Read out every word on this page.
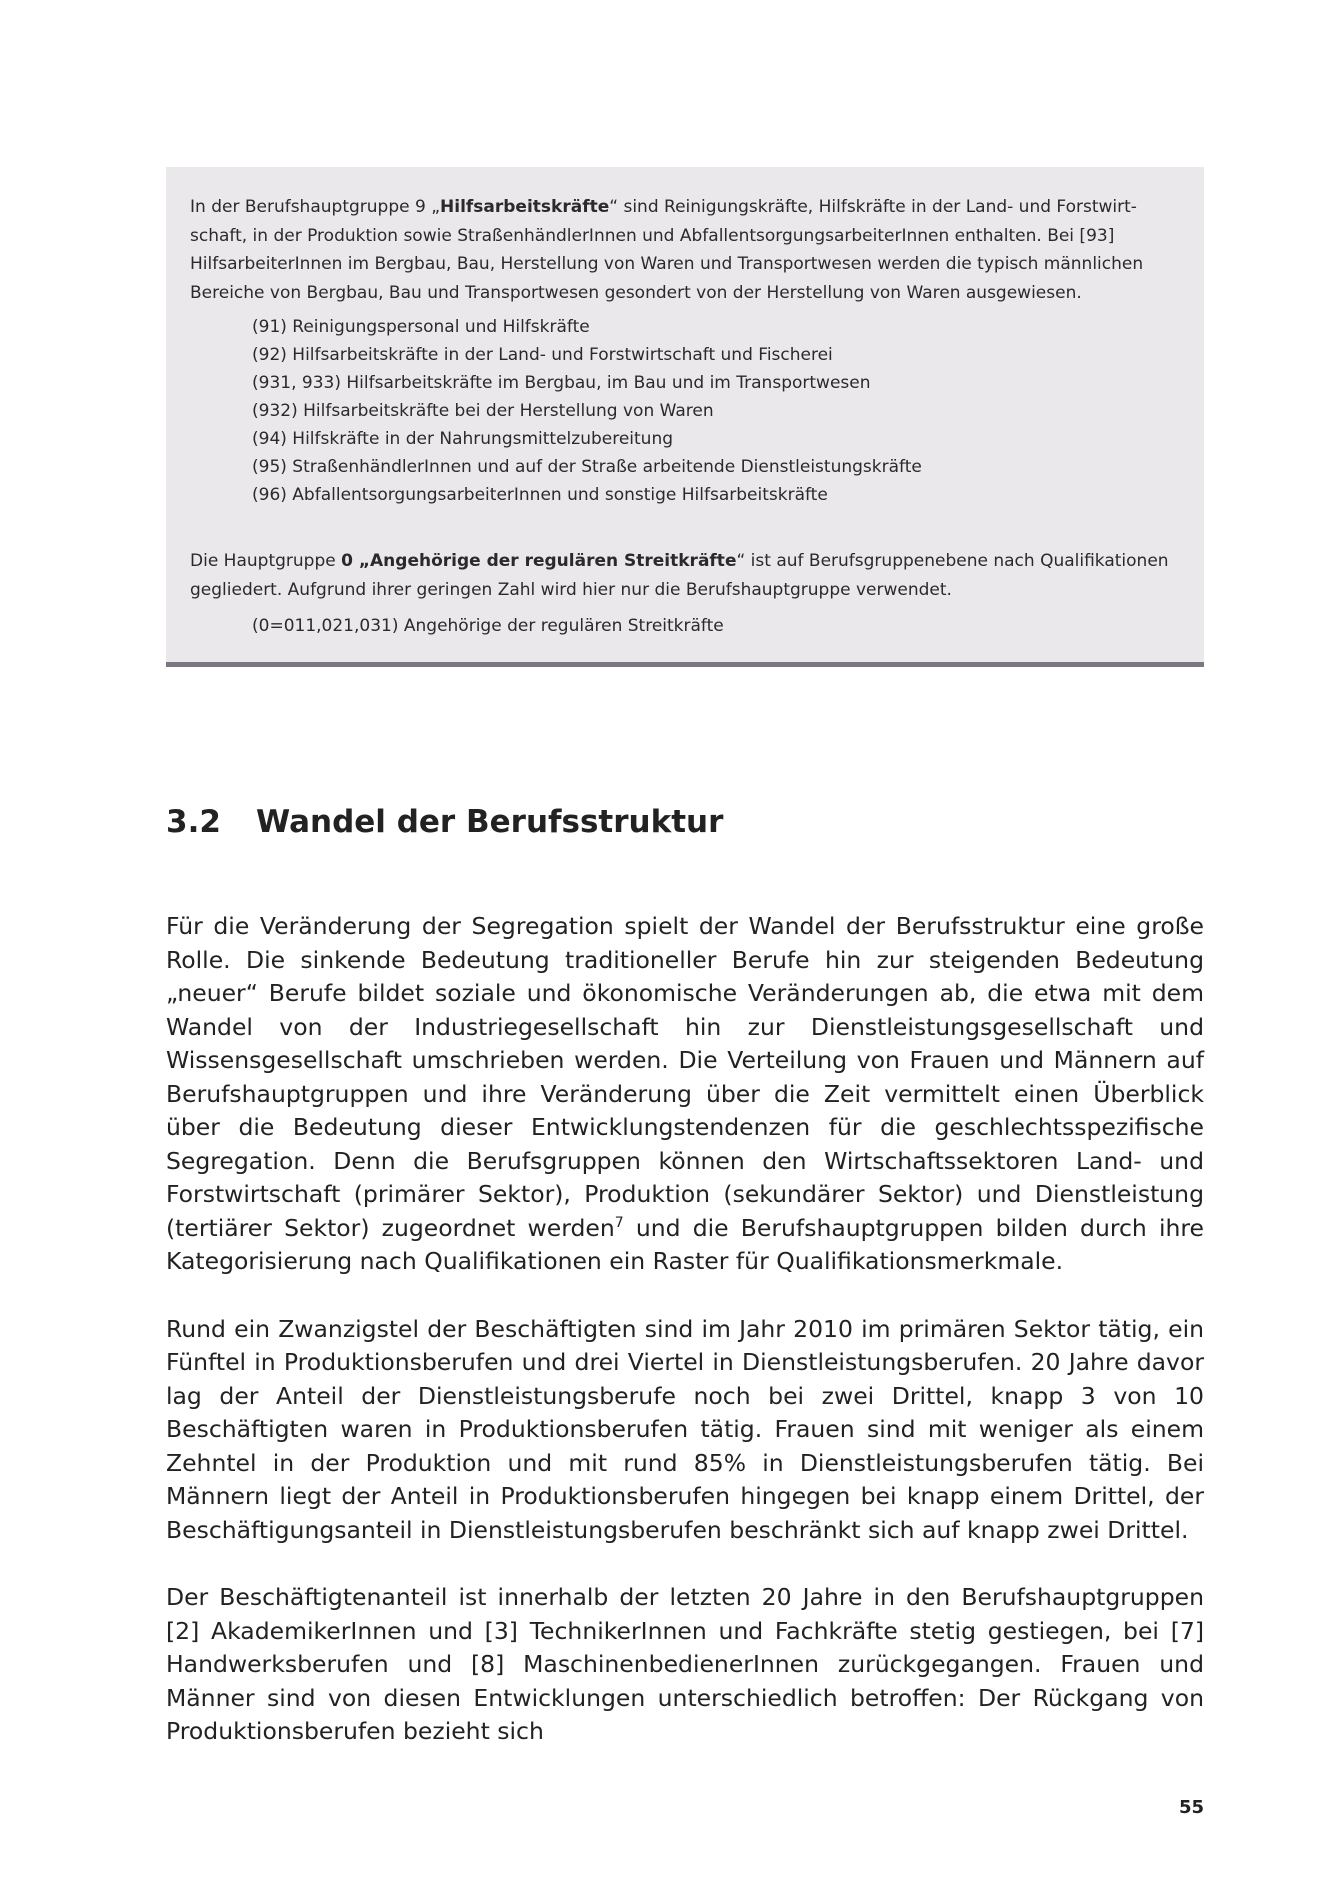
In der Berufshauptgruppe 9 „Hilfsarbeitskräfte“ sind Reinigungskräfte, Hilfskräfte in der Land- und Forstwirtschaft, in der Produktion sowie StraßenhändlerInnen und AbfallentsorgungsarbeiterInnen enthalten. Bei [93] HilfsarbeiterInnen im Bergbau, Bau, Herstellung von Waren und Transportwesen werden die typisch männlichen Bereiche von Bergbau, Bau und Transportwesen gesondert von der Herstellung von Waren ausgewiesen.

(91) Reinigungspersonal und Hilfskräfte
(92) Hilfsarbeitskräfte in der Land- und Forstwirtschaft und Fischerei
(931, 933) Hilfsarbeitskräfte im Bergbau, im Bau und im Transportwesen
(932) Hilfsarbeitskräfte bei der Herstellung von Waren
(94) Hilfskräfte in der Nahrungsmittelzubereitung
(95) StraßenhändlerInnen und auf der Straße arbeitende Dienstleistungskräfte
(96) AbfallentsorgungsarbeiterInnen und sonstige Hilfsarbeitskräfte

Die Hauptgruppe 0 „Angehörige der regulären Streitkräfte“ ist auf Berufsgruppenebene nach Qualifikationen gegliedert. Aufgrund ihrer geringen Zahl wird hier nur die Berufshauptgruppe verwendet.

(0=011,021,031) Angehörige der regulären Streitkräfte

3.2	Wandel der Berufsstruktur

Für die Veränderung der Segregation spielt der Wandel der Berufsstruktur eine große Rolle. Die sinkende Bedeutung traditioneller Berufe hin zur steigenden Bedeutung „neuer“ Berufe bildet soziale und ökonomische Veränderungen ab, die etwa mit dem Wandel von der Industriegesellschaft hin zur Dienstleistungsgesellschaft und Wissensgesellschaft umschrieben werden. Die Verteilung von Frauen und Männern auf Berufshauptgruppen und ihre Veränderung über die Zeit vermittelt einen Überblick über die Bedeutung dieser Entwicklungstendenzen für die geschlechtsspezifische Segregation. Denn die Berufsgruppen können den Wirtschaftssektoren Land- und Forstwirtschaft (primärer Sektor), Produktion (sekundärer Sektor) und Dienstleistung (tertiärer Sektor) zugeordnet werden$^7$ und die Berufshauptgruppen bilden durch ihre Kategorisierung nach Qualifikationen ein Raster für Qualifikationsmerkmale.

Rund ein Zwanzigstel der Beschäftigten sind im Jahr 2010 im primären Sektor tätig, ein Fünftel in Produktionsberufen und drei Viertel in Dienstleistungsberufen. 20 Jahre davor lag der Anteil der Dienstleistungsberufe noch bei zwei Drittel, knapp 3 von 10 Beschäftigten waren in Produktionsberufen tätig. Frauen sind mit weniger als einem Zehntel in der Produktion und mit rund 85% in Dienstleistungsberufen tätig. Bei Männern liegt der Anteil in Produktionsberufen hingegen bei knapp einem Drittel, der Beschäftigungsanteil in Dienstleistungsberufen beschränkt sich auf knapp zwei Drittel.

Der Beschäftigtenanteil ist innerhalb der letzten 20 Jahre in den Berufshauptgruppen [2] AkademikerInnen und [3] TechnikerInnen und Fachkräfte stetig gestiegen, bei [7] Handwerksberufen und [8] MaschinenbedienerInnen zurückgegangen. Frauen und Männer sind von diesen Entwicklungen unterschiedlich betroffen: Der Rückgang von Produktionsberufen bezieht sich

55
